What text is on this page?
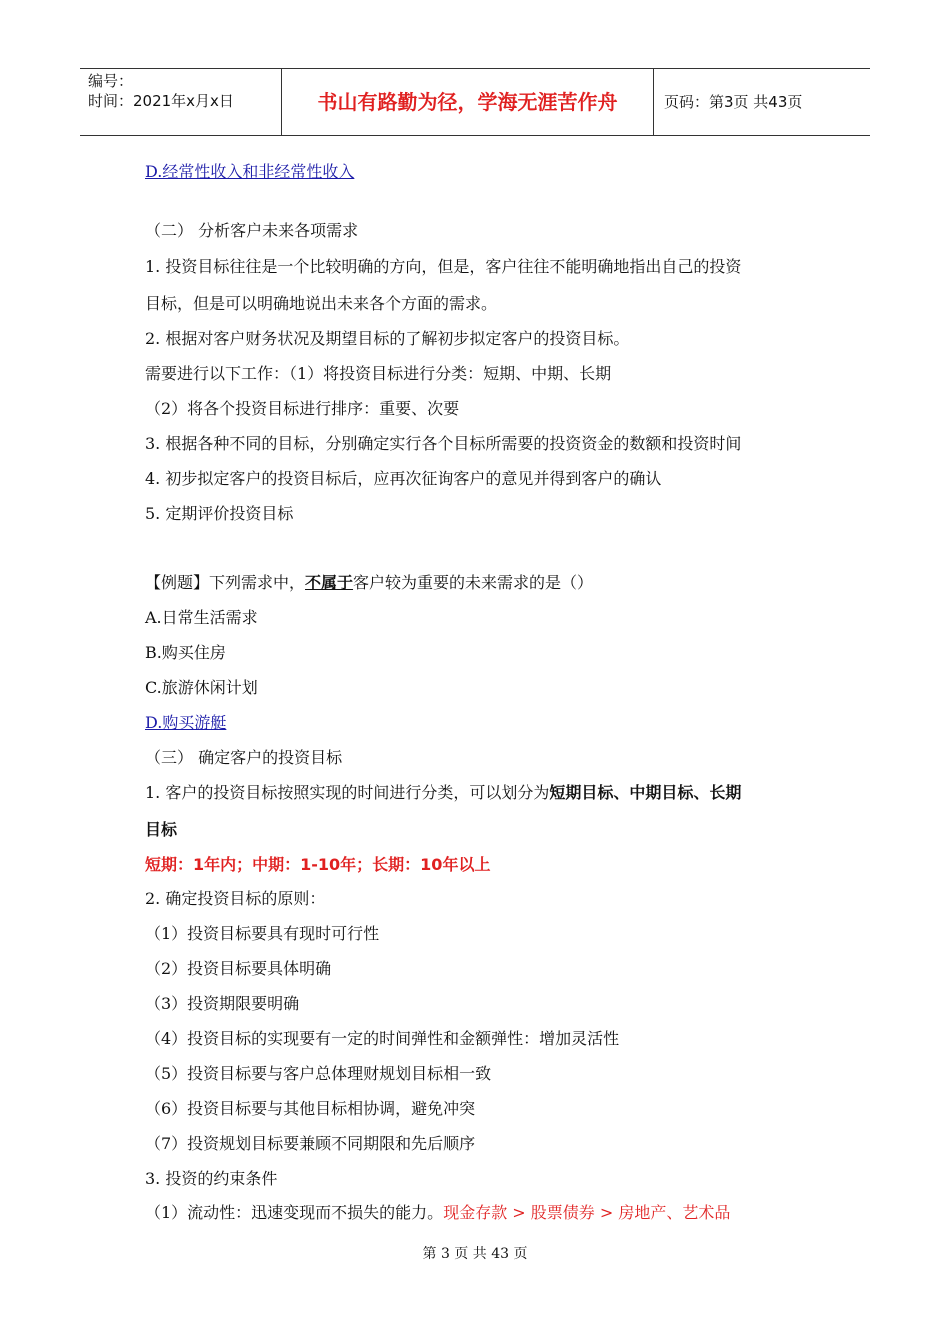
编号：
时间：2021年x月x日	书山有路勤为径，学海无涯苦作舟	页码：第3页 共43页
D.经常性收入和非经常性收入
（二） 分析客户未来各项需求
1. 投资目标往往是一个比较明确的方向，但是，客户往往不能明确地指出自己的投资
目标，但是可以明确地说出未来各个方面的需求。
2. 根据对客户财务状况及期望目标的了解初步拟定客户的投资目标。
需要进行以下工作：（1）将投资目标进行分类：短期、中期、长期
（2）将各个投资目标进行排序：重要、次要
3. 根据各种不同的目标，分别确定实行各个目标所需要的投资资金的数额和投资时间
4. 初步拟定客户的投资目标后，应再次征询客户的意见并得到客户的确认
5. 定期评价投资目标
【例题】下列需求中，不属于客户较为重要的未来需求的是（）
A.日常生活需求
B.购买住房
C.旅游休闲计划
D.购买游艇
（三） 确定客户的投资目标
1. 客户的投资目标按照实现的时间进行分类，可以划分为短期目标、中期目标、长期
目标
短期：1年内；中期：1-10年；长期：10年以上
2. 确定投资目标的原则：
（1）投资目标要具有现时可行性
（2）投资目标要具体明确
（3）投资期限要明确
（4）投资目标的实现要有一定的时间弹性和金额弹性：增加灵活性
（5）投资目标要与客户总体理财规划目标相一致
（6）投资目标要与其他目标相协调，避免冲突
（7）投资规划目标要兼顾不同期限和先后顺序
3. 投资的约束条件
（1）流动性：迅速变现而不损失的能力。现金存款 > 股票债券 > 房地产、艺术品
第 3 页 共 43 页
